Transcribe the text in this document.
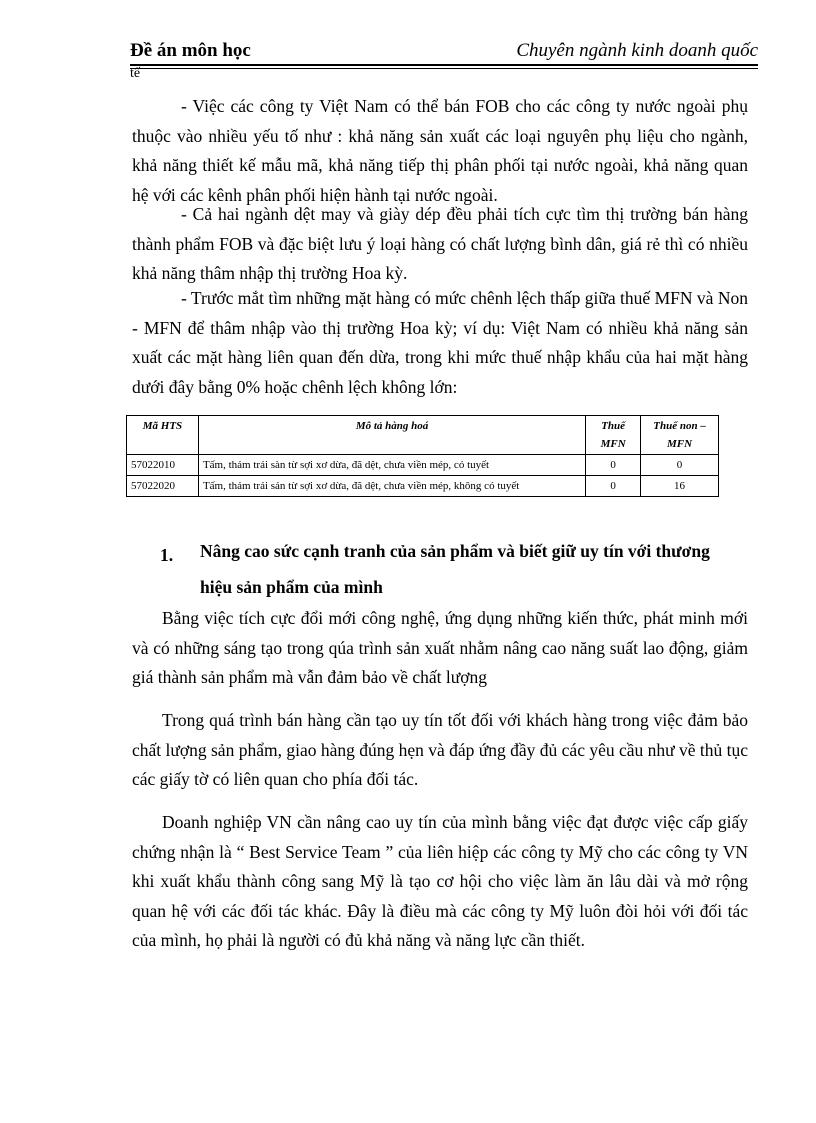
Đề án môn học	Chuyên ngành kinh doanh quốc
tế

- Việc các công ty Việt Nam có thể bán FOB cho các công ty nước ngoài phụ thuộc vào nhiều yếu tố như : khả năng sản xuất các loại nguyên phụ liệu cho ngành, khả năng thiết kế mẫu mã, khả năng tiếp thị phân phối tại nước ngoài, khả năng quan hệ với các kênh phân phối hiện hành tại nước ngoài.

- Cả hai ngành dệt may và giày dép đều phải tích cực tìm thị trường bán hàng thành phẩm FOB và đặc biệt lưu ý loại hàng có chất lượng bình dân, giá rẻ thì có nhiều khả năng thâm nhập thị trường Hoa kỳ.

- Trước mắt tìm những mặt hàng có mức chênh lệch thấp giữa thuế MFN và Non - MFN để thâm nhập vào thị trường Hoa kỳ; ví dụ: Việt Nam có nhiều khả năng sản xuất các mặt hàng liên quan đến dừa, trong khi mức thuế nhập khẩu của hai mặt hàng dưới đây bằng 0% hoặc chênh lệch không lớn:

Mã HTS	Mô tả hàng hoá	Thuế MFN	Thuế non – MFN
57022010	Tấm, thảm trải sàn từ sợi xơ dừa, đã dệt, chưa viền mép, có tuyết	0	0
57022020	Tấm, thảm trải sản từ sợi xơ dừa, đã dệt, chưa viền mép, không có tuyết	0	16
1. Nâng cao sức cạnh tranh của sản phẩm và biết giữ uy tín với thương
hiệu sản phẩm của mình

Bằng việc tích cực đổi mới công nghệ, ứng dụng những kiến thức, phát minh mới và có những sáng tạo trong qúa trình sản xuất nhằm nâng cao năng suất lao động, giảm giá thành sản phẩm mà vẫn đảm bảo về chất lượng

Trong quá trình bán hàng cần tạo uy tín tốt đối với khách hàng trong việc đảm bảo chất lượng sản phẩm, giao hàng đúng hẹn và đáp ứng đầy đủ các yêu cầu như về thủ tục các giấy tờ có liên quan cho phía đối tác.

Doanh nghiệp VN cần nâng cao uy tín của mình bằng việc đạt được việc cấp giấy chứng nhận là “ Best Service Team ” của liên hiệp các công ty Mỹ cho các công ty VN khi xuất khẩu thành công sang Mỹ là tạo cơ hội cho việc làm ăn lâu dài và mở rộng quan hệ với các đối tác khác. Đây là điều mà các công ty Mỹ luôn đòi hỏi với đối tác của mình, họ phải là người có đủ khả năng và năng lực cần thiết.
